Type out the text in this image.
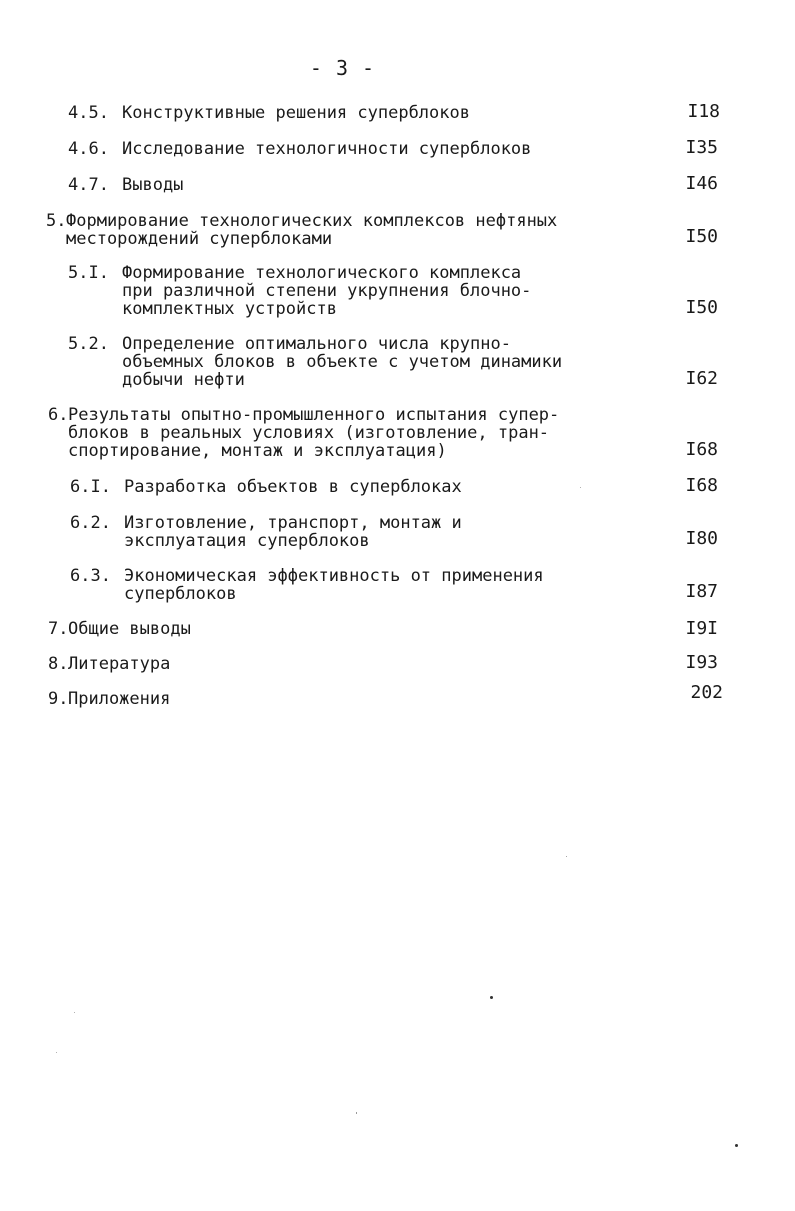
- 3 -
4.5. Конструктивные решения суперблоков	I18
4.6. Исследование технологичности суперблоков	I35
4.7. Выводы	I46
5. Формирование технологических комплексов нефтяных
месторождений суперблоками	I50
5.I. Формирование технологического комплекса
при различной степени укрупнения блочно-
комплектных устройств	I50
5.2. Определение оптимального числа крупно-
объемных блоков в объекте с учетом динамики
добычи нефти	I62
6. Результаты опытно-промышленного испытания супер-
блоков в реальных условиях (изготовление, тран-
спортирование, монтаж и эксплуатация)	I68
6.I. Разработка объектов в суперблоках	I68
6.2. Изготовление, транспорт, монтаж и
эксплуатация суперблоков	I80
6.3. Экономическая эффективность от применения
суперблоков	I87
7. Общие выводы	I9I
8. Литература	I93
9. Приложения	202
